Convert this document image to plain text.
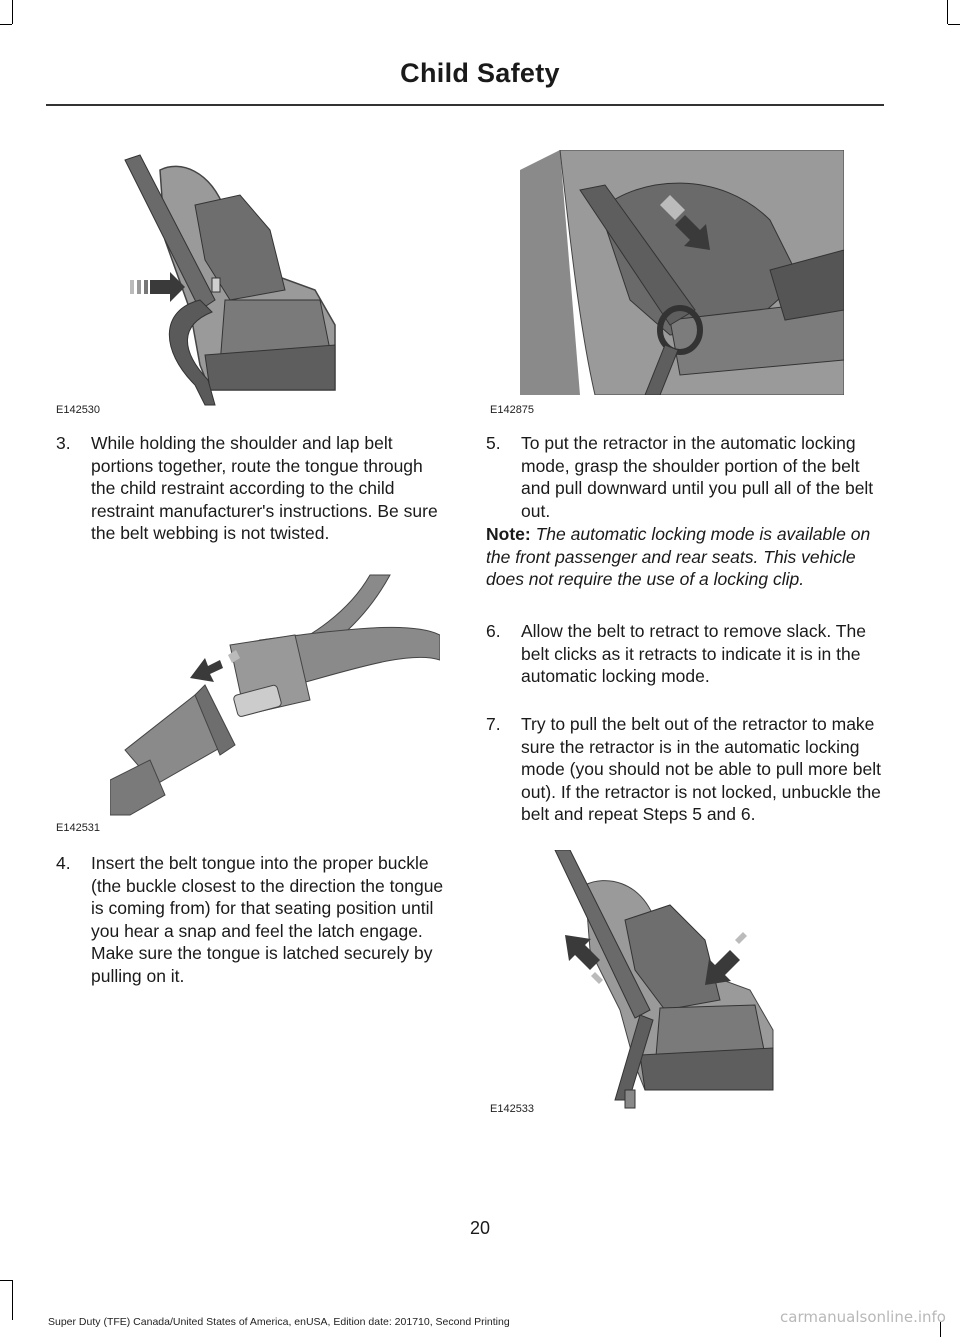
Child Safety
E142530	E142875
3.	While holding the shoulder and lap belt portions together, route the tongue through the child restraint according to the child restraint manufacturer's instructions. Be sure the belt webbing is not twisted.
E142531
4.	Insert the belt tongue into the proper buckle (the buckle closest to the direction the tongue is coming from) for that seating position until you hear a snap and feel the latch engage. Make sure the tongue is latched securely by pulling on it.
5.	To put the retractor in the automatic locking mode, grasp the shoulder portion of the belt and pull downward until you pull all of the belt out.
Note: The automatic locking mode is available on the front passenger and rear seats. This vehicle does not require the use of a locking clip.
6.	Allow the belt to retract to remove slack. The belt clicks as it retracts to indicate it is in the automatic locking mode.
7.	Try to pull the belt out of the retractor to make sure the retractor is in the automatic locking mode (you should not be able to pull more belt out). If the retractor is not locked, unbuckle the belt and repeat Steps 5 and 6.
E142533
20
Super Duty (TFE) Canada/United States of America, enUSA, Edition date: 201710, Second Printing	carmanualsonline.info
